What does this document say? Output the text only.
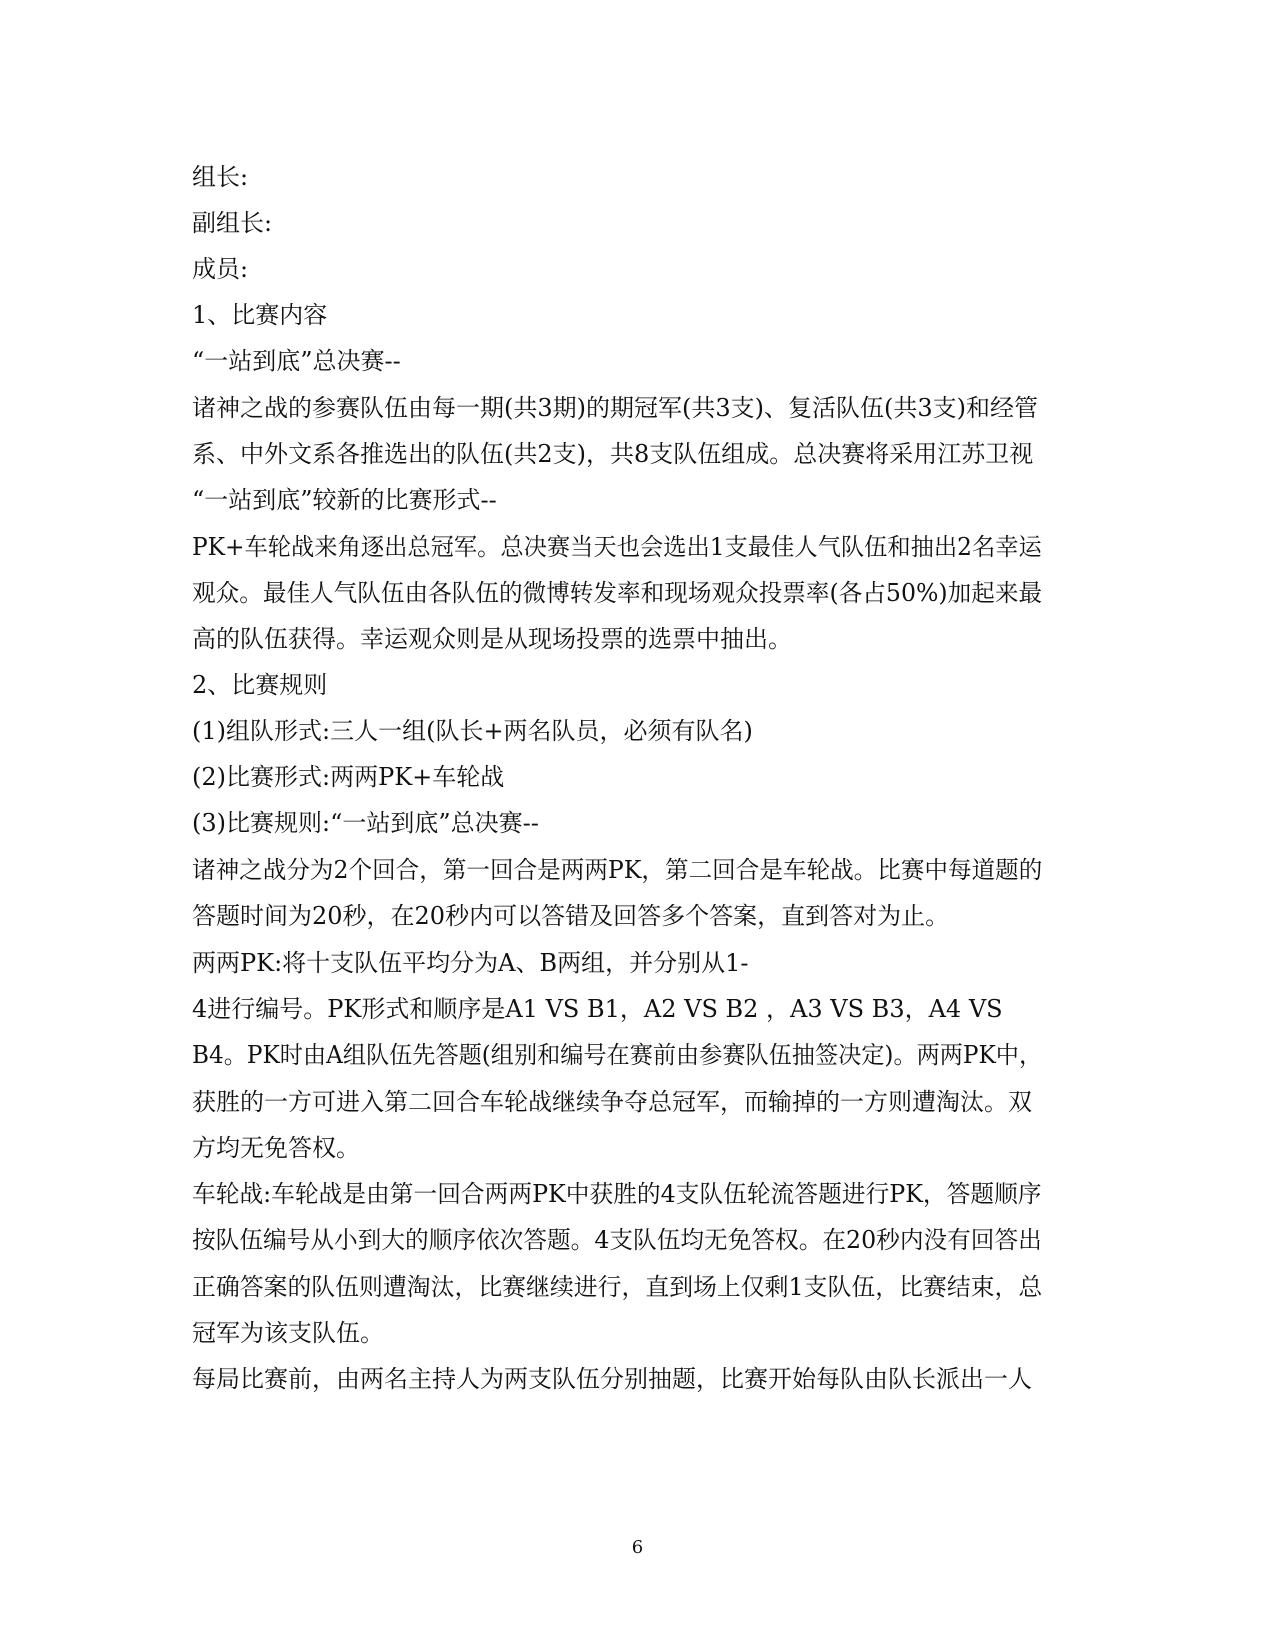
组长:
副组长:
成员:
1、比赛内容
“一站到底”总决赛--
诸神之战的参赛队伍由每一期(共3期)的期冠军(共3支)、复活队伍(共3支)和经管
系、中外文系各推选出的队伍(共2支)，共8支队伍组成。总决赛将采用江苏卫视
“一站到底”较新的比赛形式--
PK+车轮战来角逐出总冠军。总决赛当天也会选出1支最佳人气队伍和抽出2名幸运
观众。最佳人气队伍由各队伍的微博转发率和现场观众投票率(各占50%)加起来最
高的队伍获得。幸运观众则是从现场投票的选票中抽出。
2、比赛规则
(1)组队形式:三人一组(队长+两名队员，必须有队名)
(2)比赛形式:两两PK+车轮战
(3)比赛规则:“一站到底”总决赛--
诸神之战分为2个回合，第一回合是两两PK，第二回合是车轮战。比赛中每道题的
答题时间为20秒，在20秒内可以答错及回答多个答案，直到答对为止。
两两PK:将十支队伍平均分为A、B两组，并分别从1-
4进行编号。PK形式和顺序是A1 VS B1，A2 VS B2 ，A3 VS B3，A4 VS
B4。PK时由A组队伍先答题(组别和编号在赛前由参赛队伍抽签决定)。两两PK中，
获胜的一方可进入第二回合车轮战继续争夺总冠军，而输掉的一方则遭淘汰。双
方均无免答权。
车轮战:车轮战是由第一回合两两PK中获胜的4支队伍轮流答题进行PK，答题顺序
按队伍编号从小到大的顺序依次答题。4支队伍均无免答权。在20秒内没有回答出
正确答案的队伍则遭淘汰，比赛继续进行，直到场上仅剩1支队伍，比赛结束，总
冠军为该支队伍。
每局比赛前，由两名主持人为两支队伍分别抽题，比赛开始每队由队长派出一人
6
